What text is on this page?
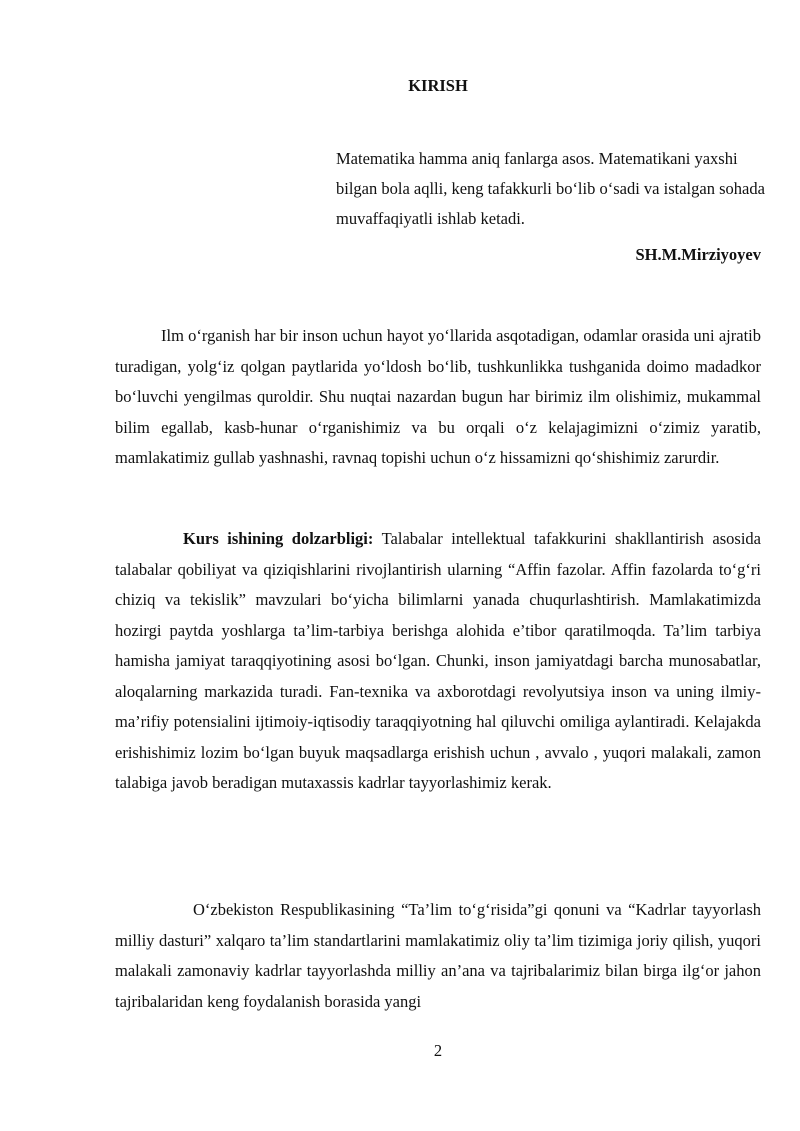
KIRISH
Matematika hamma aniq fanlarga asos. Matematikani yaxshi bilgan bola aqlli, keng tafakkurli bo‘lib o‘sadi va istalgan sohada muvaffaqiyatli ishlab ketadi.
SH.M.Mirziyoyev

Ilm o‘rganish har bir inson uchun hayot yo‘llarida asqotadigan, odamlar orasida uni ajratib turadigan, yolg‘iz qolgan paytlarida yo‘ldosh bo‘lib, tushkunlikka tushganida doimo madadkor bo‘luvchi yengilmas quroldir. Shu nuqtai nazardan bugun har birimiz ilm olishimiz, mukammal bilim egallab, kasb-hunar o‘rganishimiz va bu orqali o‘z kelajagimizni o‘zimiz yaratib, mamlakatimiz gullab yashnashi, ravnaq topishi uchun o‘z hissamizni qo‘shishimiz zarurdir.

Kurs ishining dolzarbligi: Talabalar intellektual tafakkurini shakllantirish asosida talabalar qobiliyat va qiziqishlarini rivojlantirish ularning “Affin fazolar. Affin fazolarda to‘g‘ri chiziq va tekislik” mavzulari bo‘yicha bilimlarni yanada chuqurlashtirish. Mamlakatimizda hozirgi paytda yoshlarga ta’lim-tarbiya berishga alohida e’tibor qaratilmoqda. Ta’lim tarbiya hamisha jamiyat taraqqiyotining asosi bo‘lgan. Chunki, inson jamiyatdagi barcha munosabatlar, aloqalarning markazida turadi. Fan-texnika va axborotdagi revolyutsiya inson va uning ilmiy-ma’rifiy potensialini ijtimoiy-iqtisodiy taraqqiyotning hal qiluvchi omiliga aylantiradi. Kelajakda erishishimiz lozim bo‘lgan buyuk maqsadlarga erishish uchun , avvalo , yuqori malakali, zamon talabiga javob beradigan mutaxassis kadrlar tayyorlashimiz kerak.

O‘zbekiston Respublikasining “Ta’lim to‘g‘risida”gi qonuni va “Kadrlar tayyorlash milliy dasturi” xalqaro ta’lim standartlarini mamlakatimiz oliy ta’lim tizimiga joriy qilish, yuqori malakali zamonaviy kadrlar tayyorlashda milliy an’ana va tajribalarimiz bilan birga ilg‘or jahon tajribalaridan keng foydalanish borasida yangi

2
